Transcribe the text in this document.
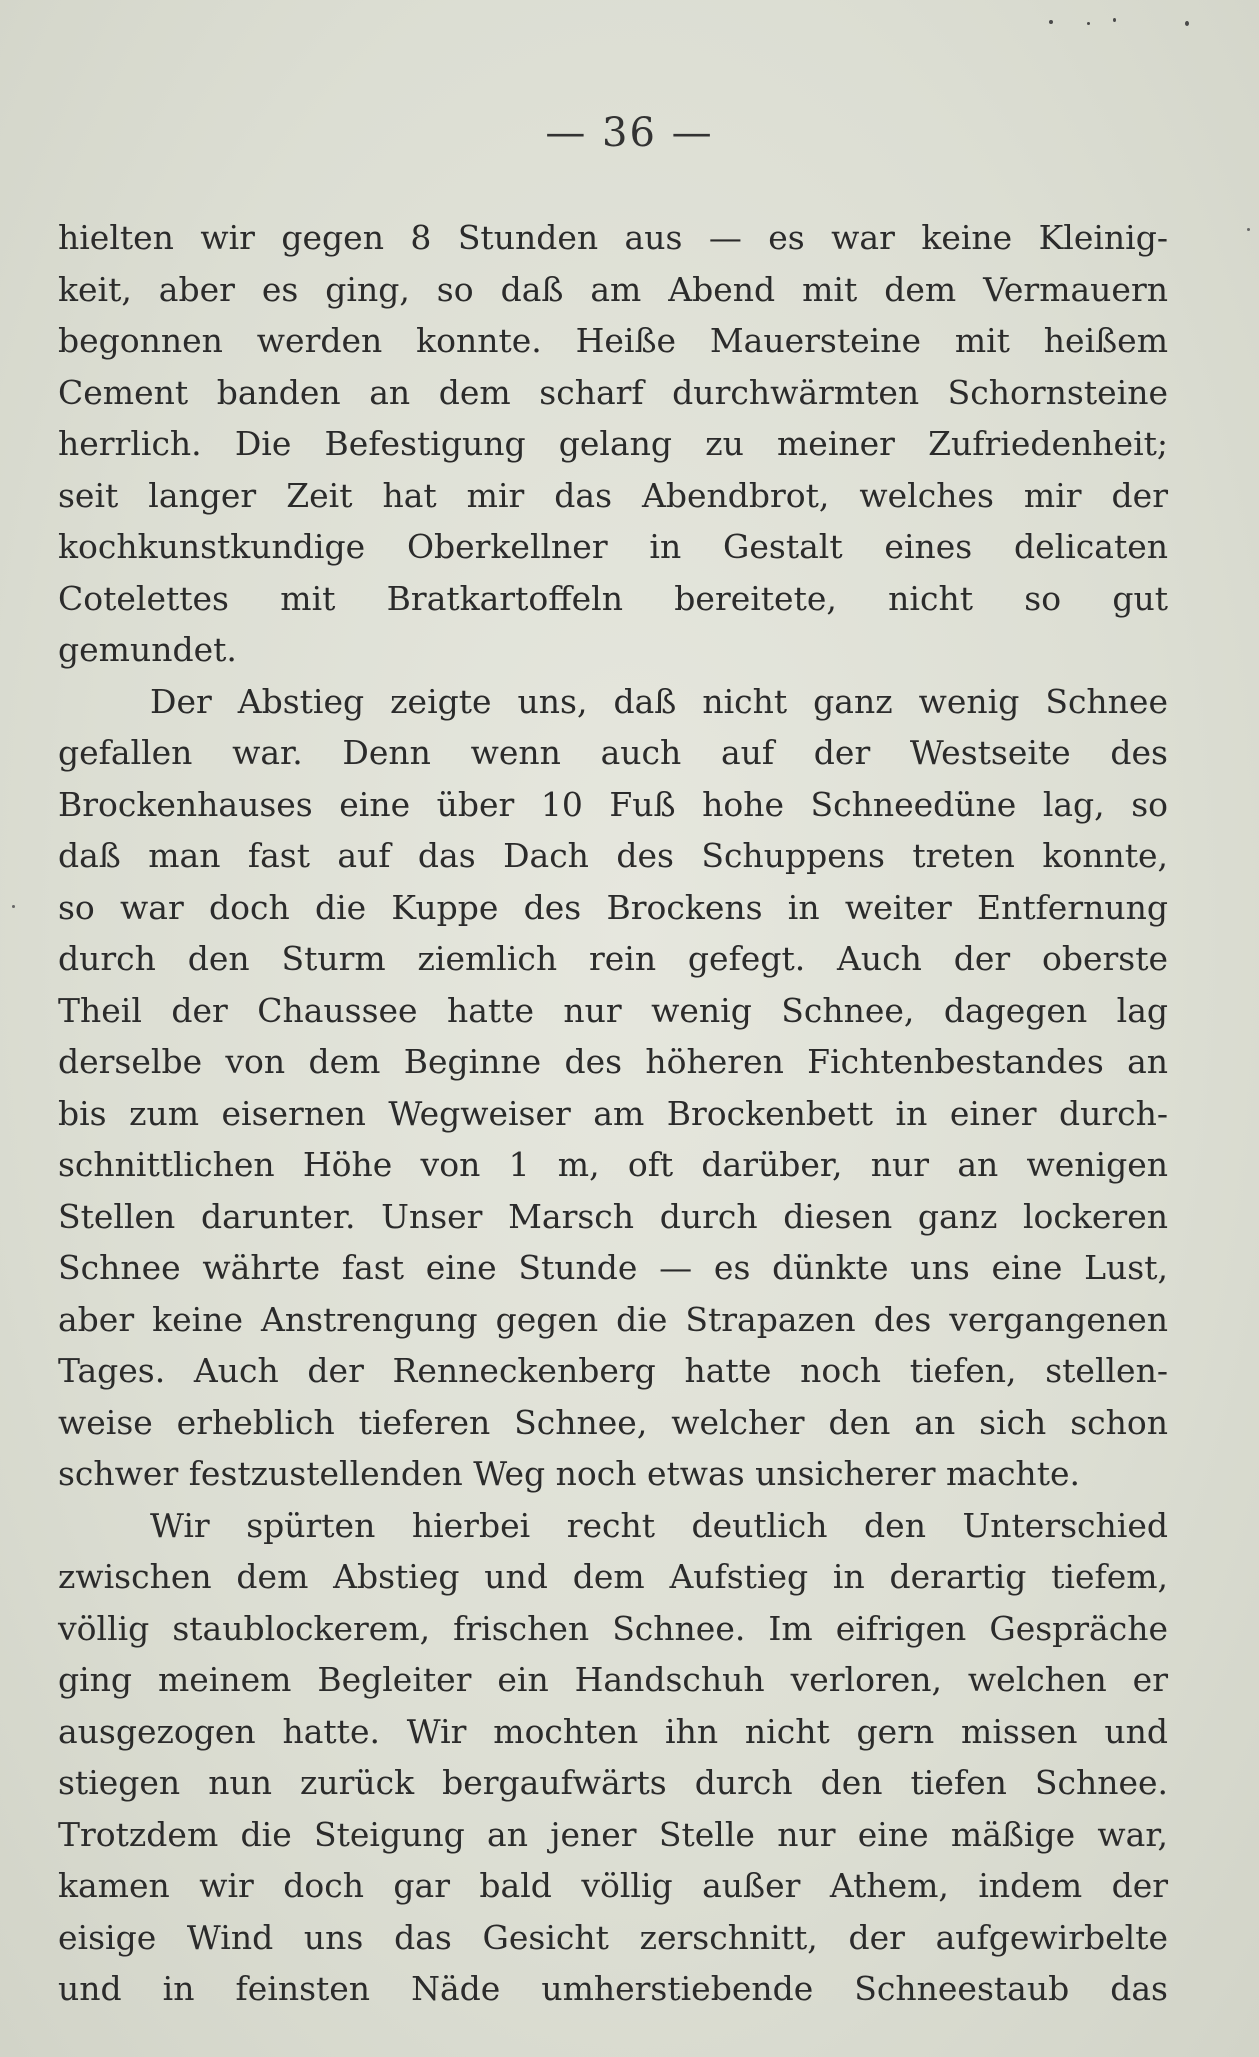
— 36 —
hielten wir gegen 8 Stunden aus — es war keine Kleinig-
keit, aber es ging, so daß am Abend mit dem Vermauern
begonnen werden konnte. Heiße Mauersteine mit heißem
Cement banden an dem scharf durchwärmten Schornsteine
herrlich. Die Befestigung gelang zu meiner Zufriedenheit;
seit langer Zeit hat mir das Abendbrot, welches mir der
kochkunstkundige Oberkellner in Gestalt eines delicaten
Cotelettes mit Bratkartoffeln bereitete, nicht so gut
gemundet.
Der Abstieg zeigte uns, daß nicht ganz wenig Schnee
gefallen war. Denn wenn auch auf der Westseite des
Brockenhauses eine über 10 Fuß hohe Schneedüne lag, so
daß man fast auf das Dach des Schuppens treten konnte,
so war doch die Kuppe des Brockens in weiter Entfernung
durch den Sturm ziemlich rein gefegt. Auch der oberste
Theil der Chaussee hatte nur wenig Schnee, dagegen lag
derselbe von dem Beginne des höheren Fichtenbestandes an
bis zum eisernen Wegweiser am Brockenbett in einer durch-
schnittlichen Höhe von 1 m, oft darüber, nur an wenigen
Stellen darunter. Unser Marsch durch diesen ganz lockeren
Schnee währte fast eine Stunde — es dünkte uns eine Lust,
aber keine Anstrengung gegen die Strapazen des vergangenen
Tages. Auch der Renneckenberg hatte noch tiefen, stellen-
weise erheblich tieferen Schnee, welcher den an sich schon
schwer festzustellenden Weg noch etwas unsicherer machte.
Wir spürten hierbei recht deutlich den Unterschied
zwischen dem Abstieg und dem Aufstieg in derartig tiefem,
völlig staublockerem, frischen Schnee. Im eifrigen Gespräche
ging meinem Begleiter ein Handschuh verloren, welchen er
ausgezogen hatte. Wir mochten ihn nicht gern missen und
stiegen nun zurück bergaufwärts durch den tiefen Schnee.
Trotzdem die Steigung an jener Stelle nur eine mäßige war,
kamen wir doch gar bald völlig außer Athem, indem der
eisige Wind uns das Gesicht zerschnitt, der aufgewirbelte
und in feinsten Näde umherstiebende Schneestaub das
